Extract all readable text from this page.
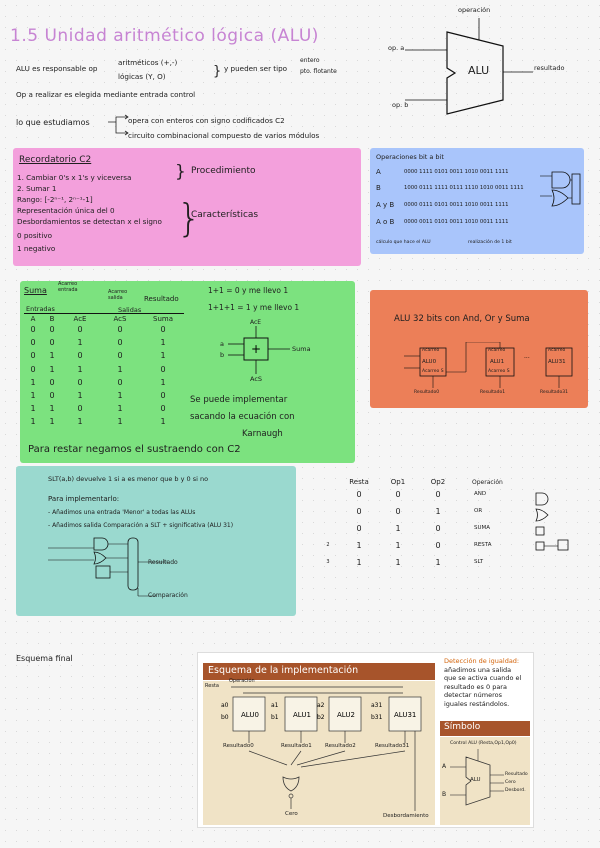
1.5 Unidad aritmético lógica (ALU)
ALU es responsable op
aritméticos (+,-)
lógicas (Y, O)	} y pueden ser tipo
entero
pto. flotante
Op a realizar es elegida mediante entrada control
lo que estudiamos	opera con enteros con signo codificados C2
circuito combinacional compuesto de varios módulos
operación
op. a
op. b
ALU	resultado
Recordatorio C2
1. Cambiar 0's x 1's y viceversa
2. Sumar 1
Rango: [-2ⁿ⁻¹, 2ⁿ⁻¹-1]
Representación única del 0
Desbordamientos se detectan x el signo
0 positivo
1 negativo
} Procedimiento
}
Características
Operaciones bit a bit
A	0000 1111 0101 0011 1010 0011 1111
B	1000 0111 1111 0111 1110 1010 0011 1111
A y B 0000 0111 0101 0011 1010 0011 1111
A o B 0000 0011 0101 0011 1010 0011 1111
cálculo que hace el ALU	realización de 1 bit
Suma
Acarreo entrada	Acarreo salida	Resultado
Entradas	Salidas
A	B	AcE	AcS	Suma
0	0	0	0	0
0	0	1	0	1
0	1	0	0	1
0	1	1	1	0
1	0	0	0	1
1	0	1	1	0
1	1	0	1	0
1	1	1	1	1
1+1 = 0 y me llevo 1
1+1+1 = 1 y me llevo 1
+
AcE
a
b
Suma
AcS
Se puede implementar
sacando la ecuación con
Karnaugh
Para restar negamos el sustraendo con C2
ALU 32 bits con And, Or y Suma
···
Acarreo
ALU0
Acarreo S
Resultado0	Resultado1	Resultado31
Acarreo
ALU1
Acarreo S
Acarreo
ALU31
SLT(a,b) devuelve 1 si a es menor que b y 0 si no
Para implementarlo:
- Añadimos una entrada 'Menor' a todas las ALUs
- Añadimos salida Comparación a SLT + significativa (ALU 31)
Resultado
Comparación
	Resta	Op1	Op2	Operación
	0	0	0	AND
	0	0	1	OR
	0	1	0	SUMA
2	1	1	0	RESTA
3	1	1	1	SLT
Esquema final
Esquema de la implementación
ALU0	ALU1	ALU2	ALU31
a0
b0
a1
b1
a2
b2
a31
b31
Resta
Operación
Resultado0	Resultado1 Resultado2	Resultado31
Cero	Desbordamiento
Detección de igualdad:
añadimos una salida
que se activa cuando el
resultado es 0 para
detectar números
iguales restándolos.
Símbolo
Control ALU (Resta,Op1,Op0)
A
B
ALU
Resultado
Cero
Desbord.
